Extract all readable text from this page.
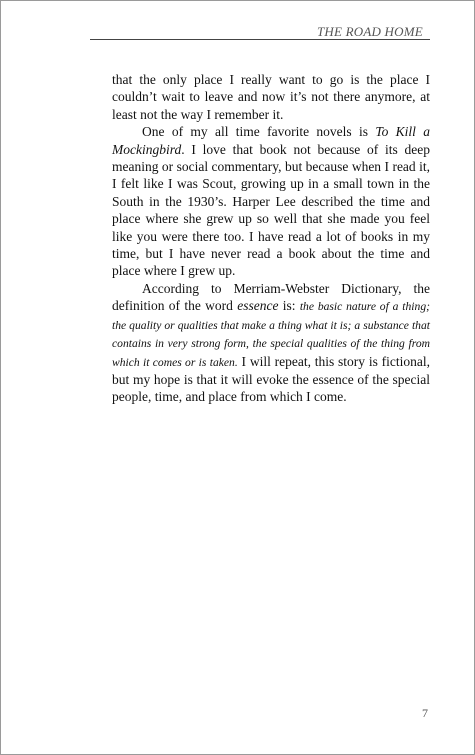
THE ROAD HOME

that the only place I really want to go is the place I couldn’t wait to leave and now it’s not there anymore, at least not the way I remember it.

One of my all time favorite novels is To Kill a Mockingbird. I love that book not because of its deep meaning or social commentary, but because when I read it, I felt like I was Scout, growing up in a small town in the South in the 1930’s. Harper Lee described the time and place where she grew up so well that she made you feel like you were there too. I have read a lot of books in my time, but I have never read a book about the time and place where I grew up.

According to Merriam-Webster Dictionary, the definition of the word essence is: the basic nature of a thing; the quality or qualities that make a thing what it is; a substance that contains in very strong form, the special qualities of the thing from which it comes or is taken. I will repeat, this story is fictional, but my hope is that it will evoke the essence of the special people, time, and place from which I come.

7
